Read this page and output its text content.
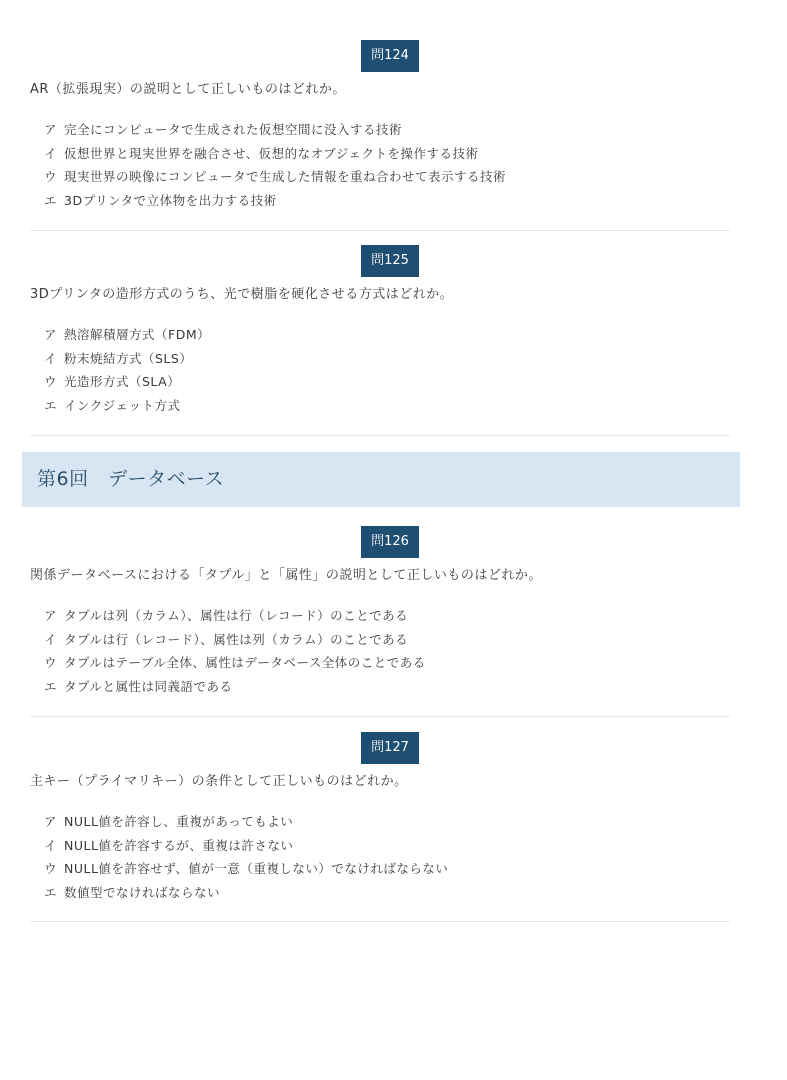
問124
AR（拡張現実）の説明として正しいものはどれか。
ア 完全にコンピュータで生成された仮想空間に没入する技術
イ 仮想世界と現実世界を融合させ、仮想的なオブジェクトを操作する技術
ウ 現実世界の映像にコンピュータで生成した情報を重ね合わせて表示する技術
エ 3Dプリンタで立体物を出力する技術
問125
3Dプリンタの造形方式のうち、光で樹脂を硬化させる方式はどれか。
ア 熱溶解積層方式（FDM）
イ 粉末焼結方式（SLS）
ウ 光造形方式（SLA）
エ インクジェット方式
第6回　データベース
問126
関係データベースにおける「タプル」と「属性」の説明として正しいものはどれか。
ア タプルは列（カラム）、属性は行（レコード）のことである
イ タプルは行（レコード）、属性は列（カラム）のことである
ウ タプルはテーブル全体、属性はデータベース全体のことである
エ タプルと属性は同義語である
問127
主キー（プライマリキー）の条件として正しいものはどれか。
ア NULL値を許容し、重複があってもよい
イ NULL値を許容するが、重複は許さない
ウ NULL値を許容せず、値が一意（重複しない）でなければならない
エ 数値型でなければならない
